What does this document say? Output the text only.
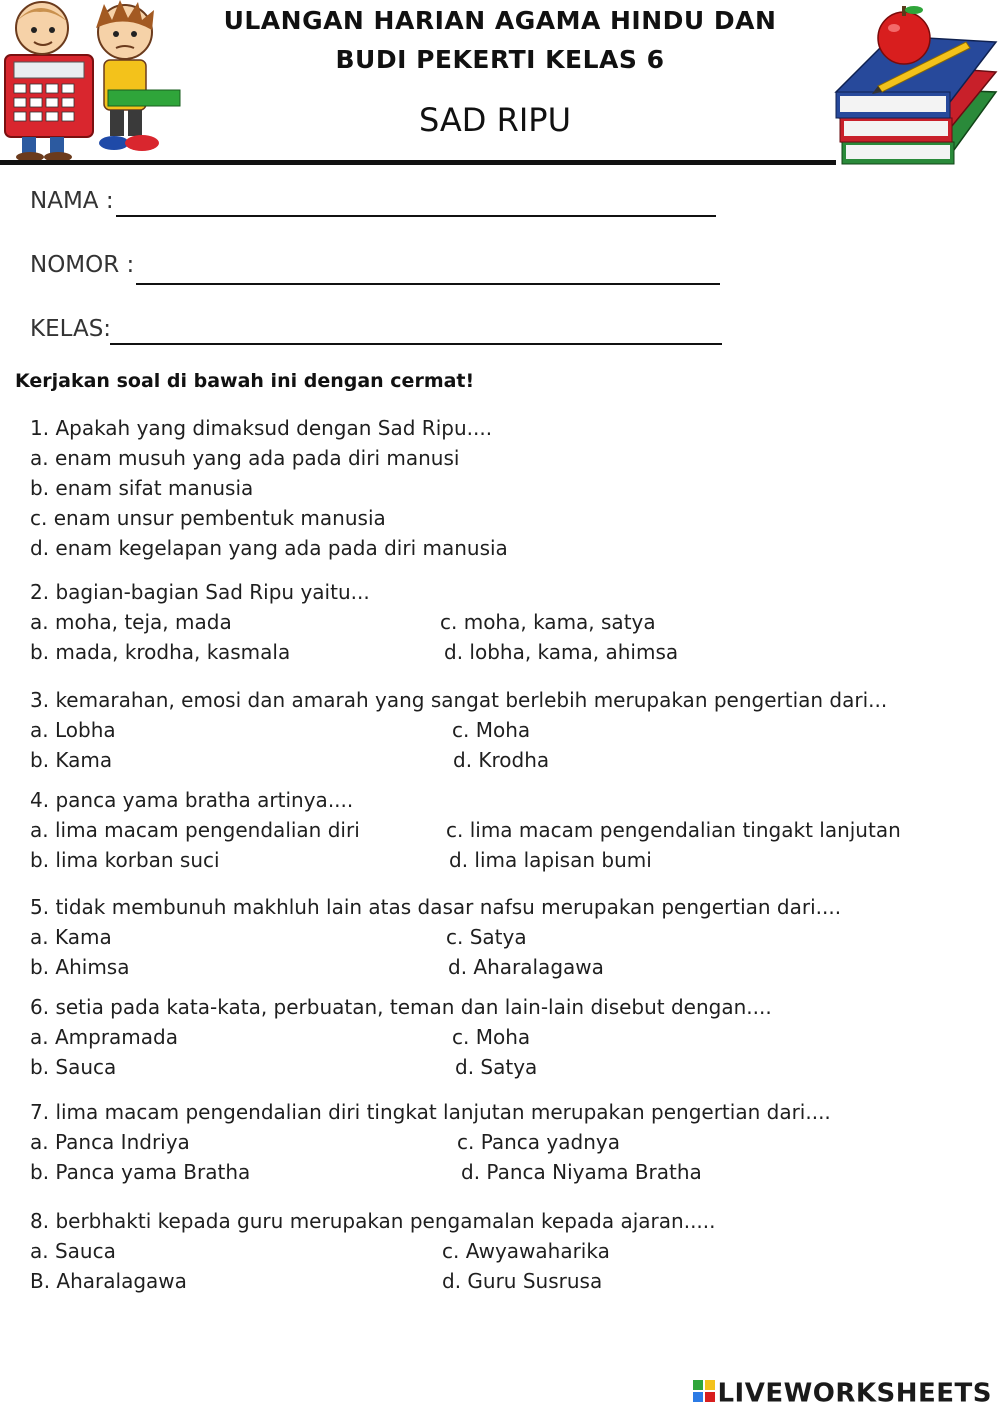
ULANGAN HARIAN AGAMA HINDU DAN
BUDI PEKERTI KELAS 6
SAD RIPU
NAMA :
NOMOR :
KELAS:
Kerjakan soal di bawah ini dengan cermat!
1. Apakah yang dimaksud dengan Sad Ripu....
a. enam musuh yang ada pada diri manusi
b. enam sifat manusia
c. enam unsur pembentuk manusia
d. enam kegelapan yang ada pada diri manusia
2. bagian-bagian Sad Ripu yaitu...
a. moha, teja, mada	c. moha, kama, satya
b. mada, krodha, kasmala	d. lobha, kama, ahimsa
3. kemarahan, emosi dan amarah yang sangat berlebih merupakan pengertian dari...
a. Lobha	c. Moha
b. Kama	d. Krodha
4. panca yama bratha artinya....
a. lima macam pengendalian diri	c. lima macam pengendalian tingakt lanjutan
b. lima korban suci	d. lima lapisan bumi
5. tidak membunuh makhluh lain atas dasar nafsu merupakan pengertian dari....
a. Kama	c. Satya
b. Ahimsa	d. Aharalagawa
6. setia pada kata-kata, perbuatan, teman dan lain-lain disebut dengan....
a. Ampramada	c. Moha
b. Sauca	d. Satya
7. lima macam pengendalian diri tingkat lanjutan merupakan pengertian dari....
a. Panca Indriya	c. Panca yadnya
b. Panca yama Bratha	d. Panca Niyama Bratha
8. berbhakti kepada guru merupakan pengamalan kepada ajaran.....
a. Sauca	c. Awyawaharika
B. Aharalagawa	d. Guru Susrusa
LIVEWORKSHEETS
